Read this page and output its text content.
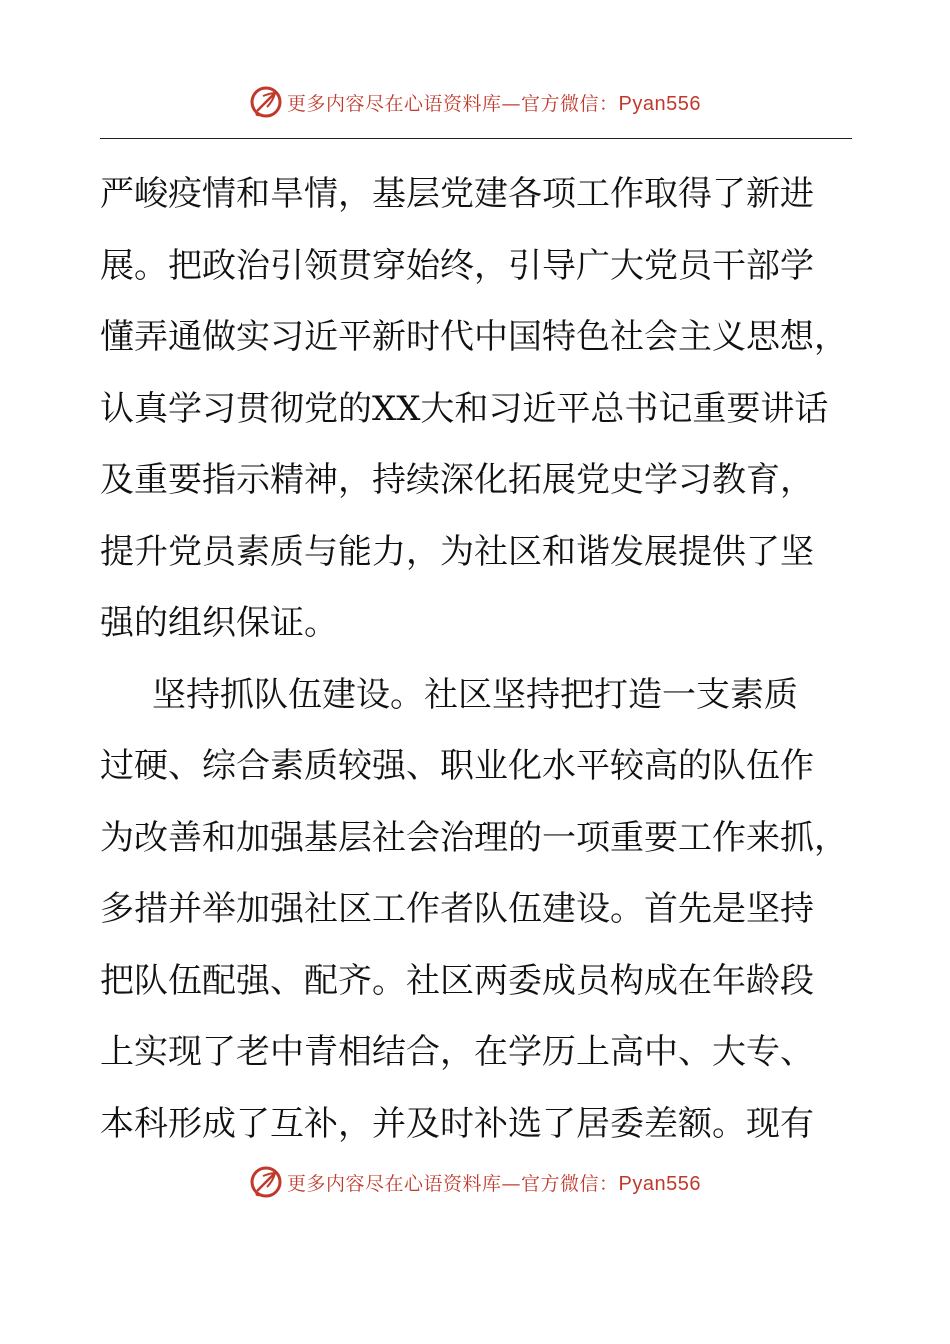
更多内容尽在心语资料库—官方微信：Pyan556
严峻疫情和旱情，基层党建各项工作取得了新进
展。把政治引领贯穿始终，引导广大党员干部学
懂弄通做实习近平新时代中国特色社会主义思想，
认真学习贯彻党的XX大和习近平总书记重要讲话
及重要指示精神，持续深化拓展党史学习教育，
提升党员素质与能力，为社区和谐发展提供了坚
强的组织保证。
坚持抓队伍建设。社区坚持把打造一支素质
过硬、综合素质较强、职业化水平较高的队伍作
为改善和加强基层社会治理的一项重要工作来抓，
多措并举加强社区工作者队伍建设。首先是坚持
把队伍配强、配齐。社区两委成员构成在年龄段
上实现了老中青相结合，在学历上高中、大专、
本科形成了互补，并及时补选了居委差额。现有
更多内容尽在心语资料库—官方微信：Pyan556
